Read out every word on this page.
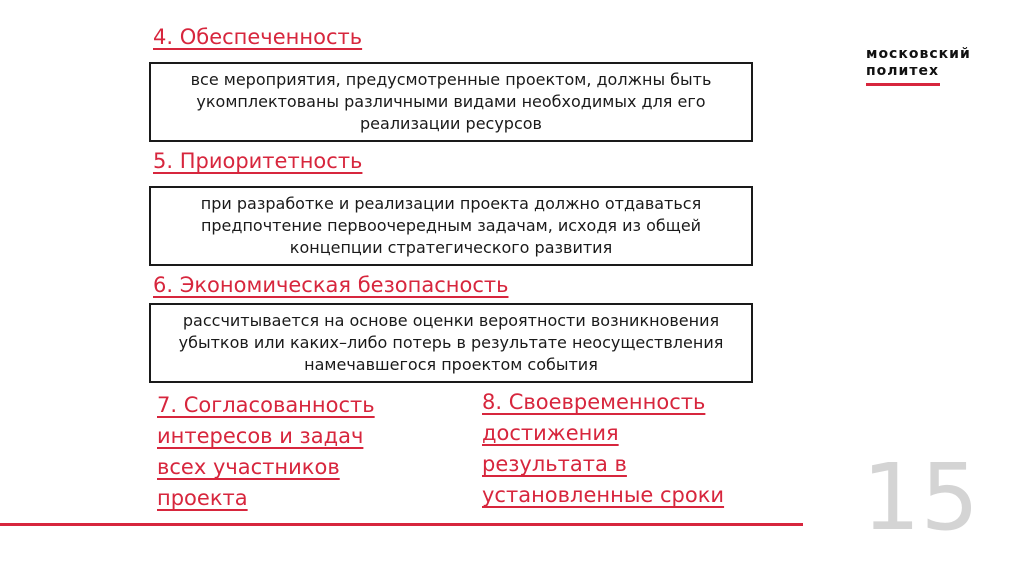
московский
пoлитех
4. Обеспеченность
все мероприятия, предусмотренные проектом, должны быть укомплектованы различными видами необходимых для его реализации ресурсов
5. Приоритетность
при разработке и реализации проекта должно отдаваться предпочтение первоочередным задачам, исходя из общей концепции стратегического развития
6. Экономическая безопасность
рассчитывается на основе оценки вероятности возникновения убытков или каких–либо потерь в результате неосуществления намечавшегося проектом события
7. Согласованность
интересов и задач
всех участников
проекта
8. Своевременность
достижения
результата в
установленные сроки 15
